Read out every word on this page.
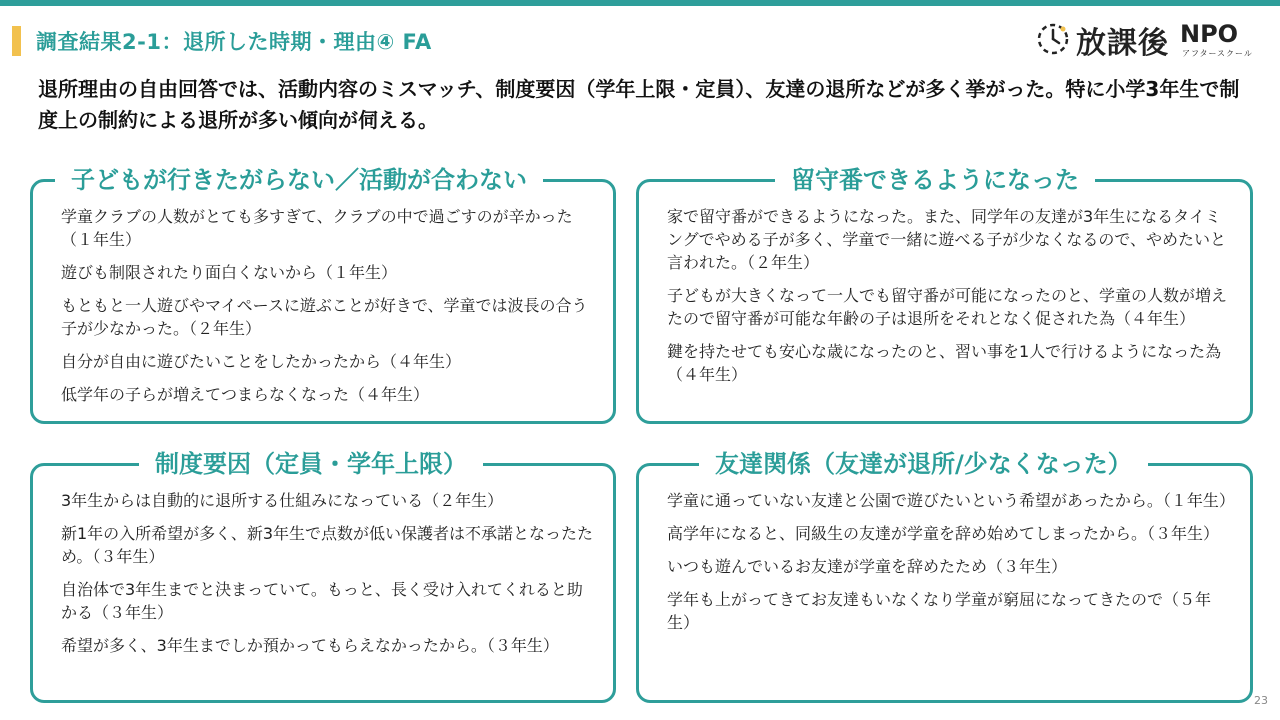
調査結果2-1：退所した時期・理由④ FA	放課後 NPO
アフタースクール
退所理由の自由回答では、活動内容のミスマッチ、制度要因（学年上限・定員）、友達の退所などが多く挙がった。特に小学3年生で制度上の制約による退所が多い傾向が伺える。
子どもが行きたがらない／活動が合わない
学童クラブの人数がとても多すぎて、クラブの中で過ごすのが辛かった（１年生）
遊びも制限されたり面白くないから（１年生）
もともと一人遊びやマイペースに遊ぶことが好きで、学童では波長の合う子が少なかった。（２年生）
自分が自由に遊びたいことをしたかったから（４年生）
低学年の子らが増えてつまらなくなった（４年生）
留守番できるようになった
家で留守番ができるようになった。また、同学年の友達が3年生になるタイミングでやめる子が多く、学童で一緒に遊べる子が少なくなるので、やめたいと言われた。（２年生）
子どもが大きくなって一人でも留守番が可能になったのと、学童の人数が増えたので留守番が可能な年齢の子は退所をそれとなく促された為（４年生）
鍵を持たせても安心な歳になったのと、習い事を1人で行けるようになった為（４年生）
制度要因（定員・学年上限）
3年生からは自動的に退所する仕組みになっている（２年生）
新1年の入所希望が多く、新3年生で点数が低い保護者は不承諾となったため。（３年生）
自治体で3年生までと決まっていて。もっと、長く受け入れてくれると助かる（３年生）
希望が多く、3年生までしか預かってもらえなかったから。（３年生）
友達関係（友達が退所/少なくなった）
学童に通っていない友達と公園で遊びたいという希望があったから。（１年生）
高学年になると、同級生の友達が学童を辞め始めてしまったから。（３年生）
いつも遊んでいるお友達が学童を辞めたため（３年生）
学年も上がってきてお友達もいなくなり学童が窮屈になってきたので（５年生）
23
